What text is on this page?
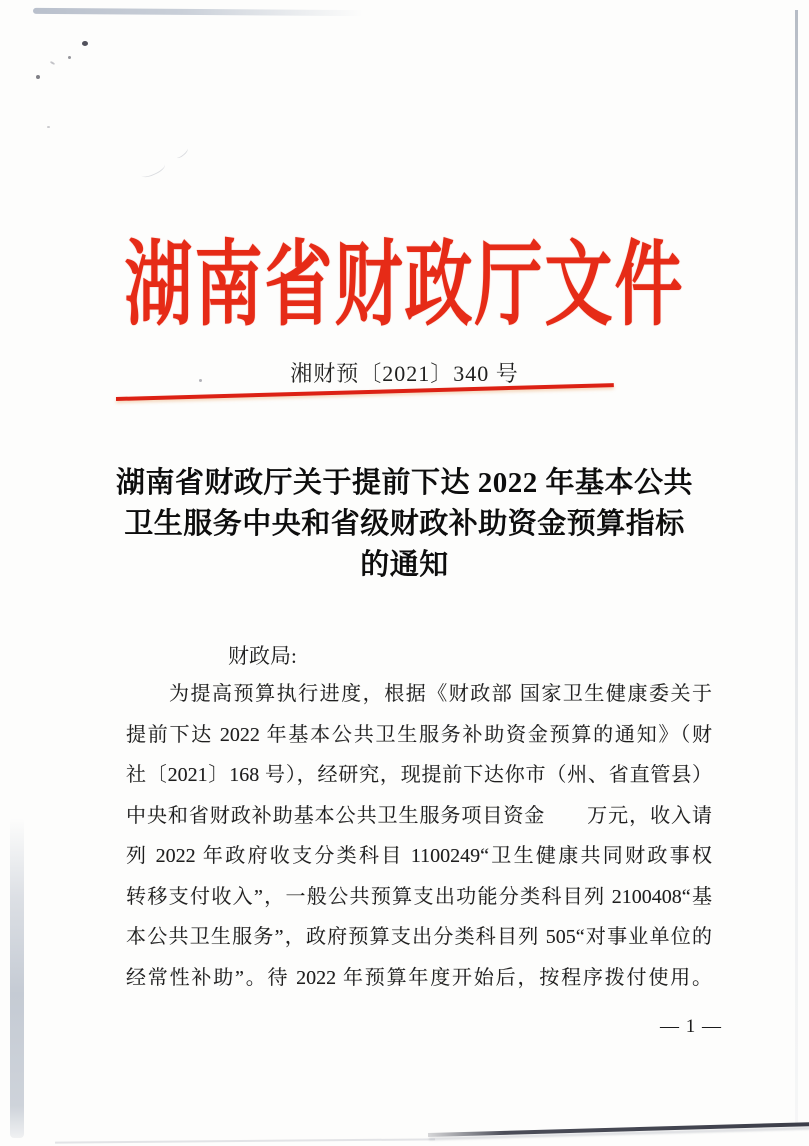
湖南省财政厅文件
湘财预〔2021〕340 号
湖南省财政厅关于提前下达 2022 年基本公共
卫生服务中央和省级财政补助资金预算指标
的通知
财政局:
为提高预算执行进度，根据《财政部 国家卫生健康委关于
提前下达 2022 年基本公共卫生服务补助资金预算的通知》（财
社〔2021〕168 号），经研究，现提前下达你市（州、省直管县）
中央和省财政补助基本公共卫生服务项目资金　　万元，收入请
列 2022 年政府收支分类科目 1100249“卫生健康共同财政事权
转移支付收入”，一般公共预算支出功能分类科目列 2100408“基
本公共卫生服务”，政府预算支出分类科目列 505“对事业单位的
经常性补助”。待 2022 年预算年度开始后，按程序拨付使用。
— 1 —
